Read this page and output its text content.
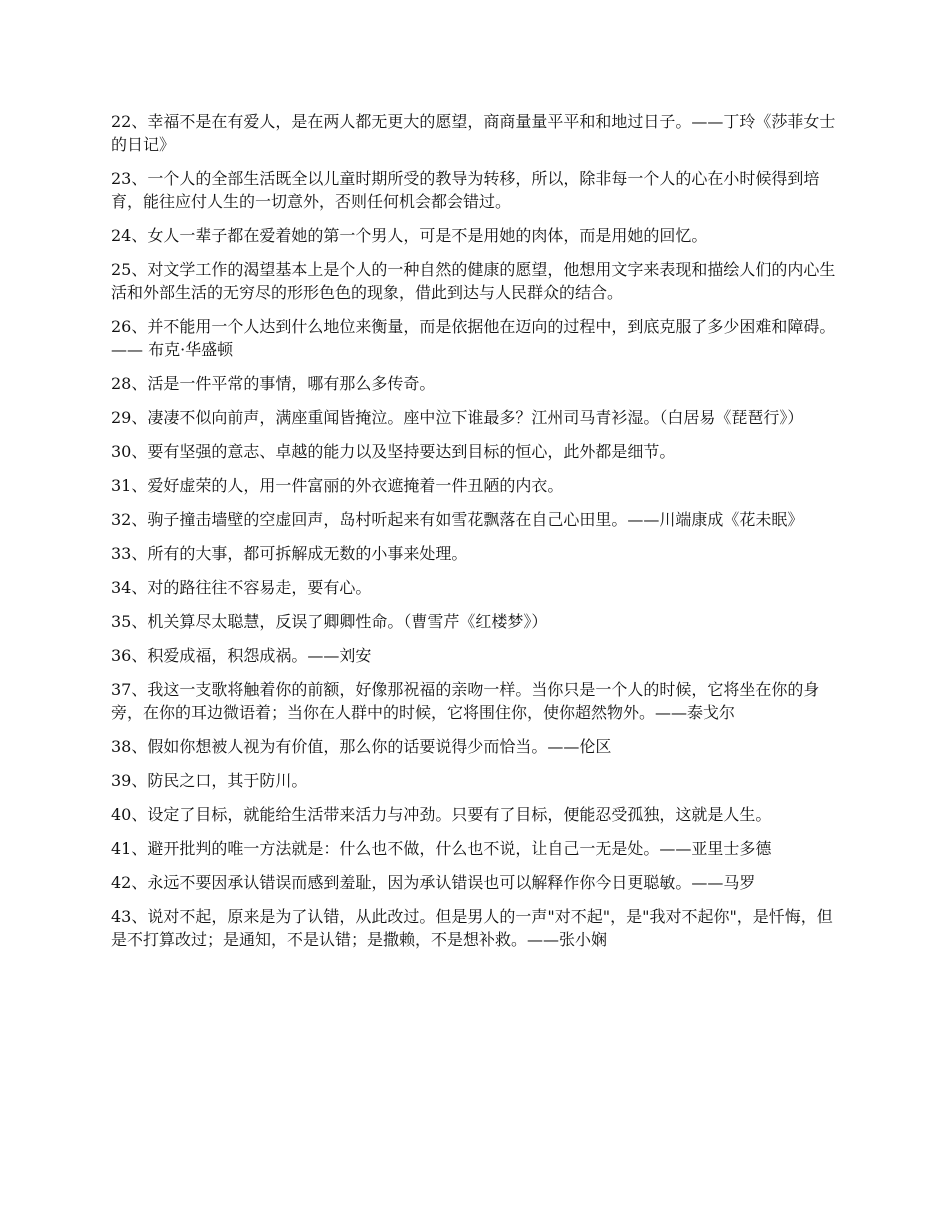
22、幸福不是在有爱人，是在两人都无更大的愿望，商商量量平平和和地过日子。——丁玲《莎菲女士的日记》

23、一个人的全部生活既全以儿童时期所受的教导为转移，所以，除非每一个人的心在小时候得到培育，能往应付人生的一切意外，否则任何机会都会错过。

24、女人一辈子都在爱着她的第一个男人，可是不是用她的肉体，而是用她的回忆。

25、对文学工作的渴望基本上是个人的一种自然的健康的愿望，他想用文字来表现和描绘人们的内心生活和外部生活的无穷尽的形形色色的现象，借此到达与人民群众的结合。

26、并不能用一个人达到什么地位来衡量，而是依据他在迈向的过程中，到底克服了多少困难和障碍。—— 布克·华盛顿

28、活是一件平常的事情，哪有那么多传奇。

29、凄凄不似向前声，满座重闻皆掩泣。座中泣下谁最多？江州司马青衫湿。（白居易《琵琶行》）

30、要有坚强的意志、卓越的能力以及坚持要达到目标的恒心，此外都是细节。

31、爱好虚荣的人，用一件富丽的外衣遮掩着一件丑陋的内衣。

32、驹子撞击墙壁的空虚回声，岛村听起来有如雪花飘落在自己心田里。——川端康成《花未眠》

33、所有的大事，都可拆解成无数的小事来处理。

34、对的路往往不容易走，要有心。

35、机关算尽太聪慧，反误了卿卿性命。（曹雪芹《红楼梦》）

36、积爱成福，积怨成祸。——刘安

37、我这一支歌将触着你的前额，好像那祝福的亲吻一样。当你只是一个人的时候，它将坐在你的身旁，在你的耳边微语着；当你在人群中的时候，它将围住你，使你超然物外。——泰戈尔

38、假如你想被人视为有价值，那么你的话要说得少而恰当。——伦区

39、防民之口，其于防川。

40、设定了目标，就能给生活带来活力与冲劲。只要有了目标，便能忍受孤独，这就是人生。

41、避开批判的唯一方法就是：什么也不做，什么也不说，让自己一无是处。——亚里士多德

42、永远不要因承认错误而感到羞耻，因为承认错误也可以解释作你今日更聪敏。——马罗

43、说对不起，原来是为了认错，从此改过。但是男人的一声"对不起"，是"我对不起你"，是忏悔，但是不打算改过；是通知，不是认错；是撒赖，不是想补救。——张小娴
